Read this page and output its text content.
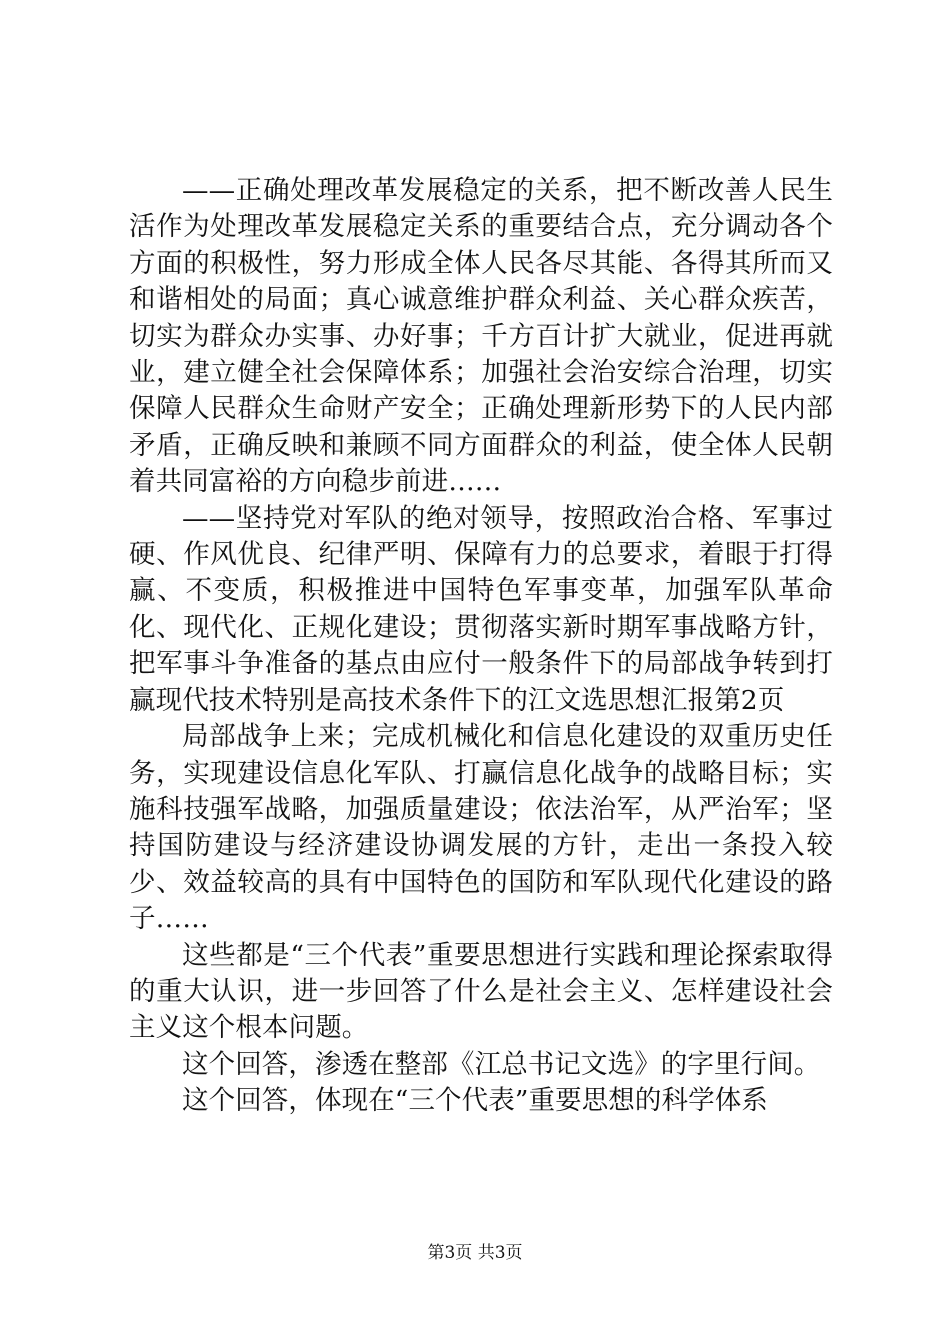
——正确处理改革发展稳定的关系，把不断改善人民生活作为处理改革发展稳定关系的重要结合点，充分调动各个方面的积极性，努力形成全体人民各尽其能、各得其所而又和谐相处的局面；真心诚意维护群众利益、关心群众疾苦，切实为群众办实事、办好事；千方百计扩大就业，促进再就业，建立健全社会保障体系；加强社会治安综合治理，切实保障人民群众生命财产安全；正确处理新形势下的人民内部矛盾，正确反映和兼顾不同方面群众的利益，使全体人民朝着共同富裕的方向稳步前进……

——坚持党对军队的绝对领导，按照政治合格、军事过硬、作风优良、纪律严明、保障有力的总要求，着眼于打得赢、不变质，积极推进中国特色军事变革，加强军队革命化、现代化、正规化建设；贯彻落实新时期军事战略方针，把军事斗争准备的基点由应付一般条件下的局部战争转到打赢现代技术特别是高技术条件下的江文选思想汇报第2页

局部战争上来；完成机械化和信息化建设的双重历史任务，实现建设信息化军队、打赢信息化战争的战略目标；实施科技强军战略，加强质量建设；依法治军，从严治军；坚持国防建设与经济建设协调发展的方针，走出一条投入较少、效益较高的具有中国特色的国防和军队现代化建设的路子……

这些都是“三个代表”重要思想进行实践和理论探索取得的重大认识，进一步回答了什么是社会主义、怎样建设社会主义这个根本问题。

这个回答，渗透在整部《江总书记文选》的字里行间。

这个回答，体现在“三个代表”重要思想的科学体系

第3页 共3页
